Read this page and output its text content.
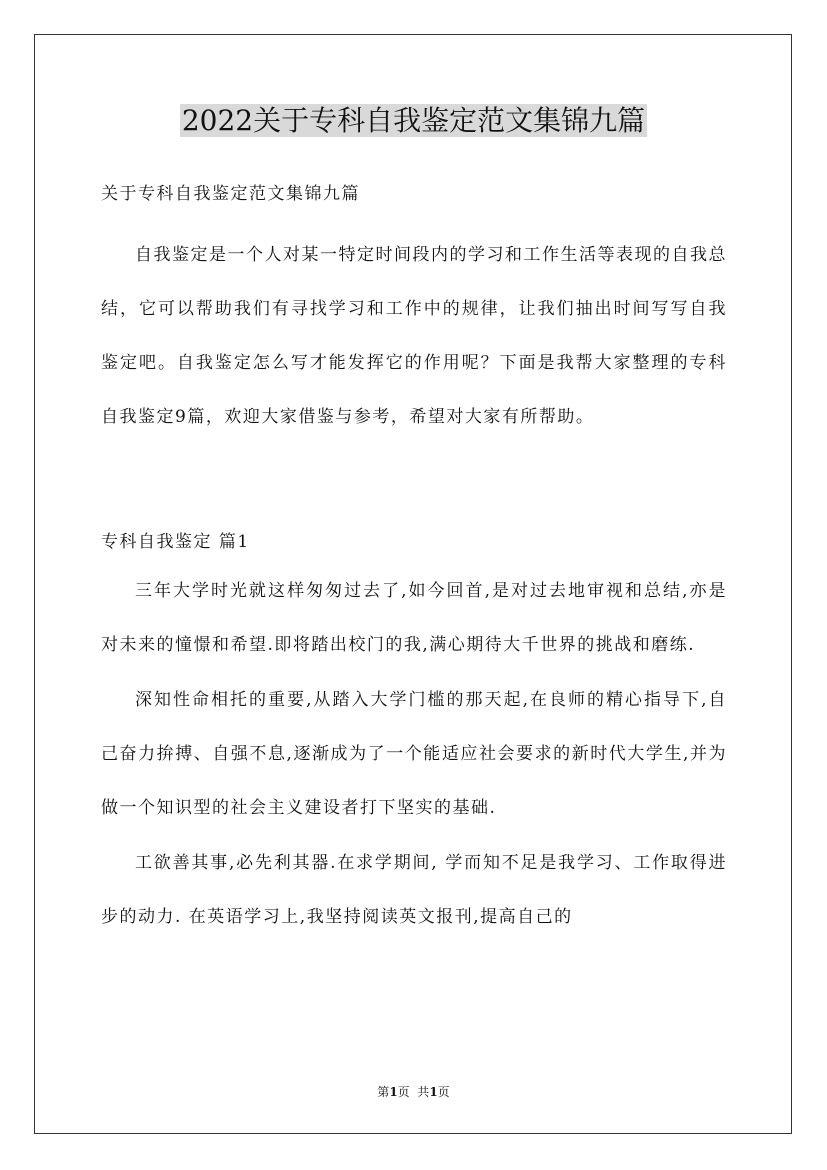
2022关于专科自我鉴定范文集锦九篇

关于专科自我鉴定范文集锦九篇

自我鉴定是一个人对某一特定时间段内的学习和工作生活等表现的自我总结，它可以帮助我们有寻找学习和工作中的规律，让我们抽出时间写写自我鉴定吧。自我鉴定怎么写才能发挥它的作用呢？下面是我帮大家整理的专科自我鉴定9篇，欢迎大家借鉴与参考，希望对大家有所帮助。

专科自我鉴定 篇1

三年大学时光就这样匆匆过去了,如今回首,是对过去地审视和总结,亦是对未来的憧憬和希望.即将踏出校门的我,满心期待大千世界的挑战和磨练.

深知性命相托的重要,从踏入大学门槛的那天起,在良师的精心指导下,自己奋力拚搏、自强不息,逐渐成为了一个能适应社会要求的新时代大学生,并为做一个知识型的社会主义建设者打下坚实的基础.

工欲善其事,必先利其器.在求学期间, 学而知不足是我学习、工作取得进步的动力. 在英语学习上,我坚持阅读英文报刊,提高自己的

第1页  共1页
